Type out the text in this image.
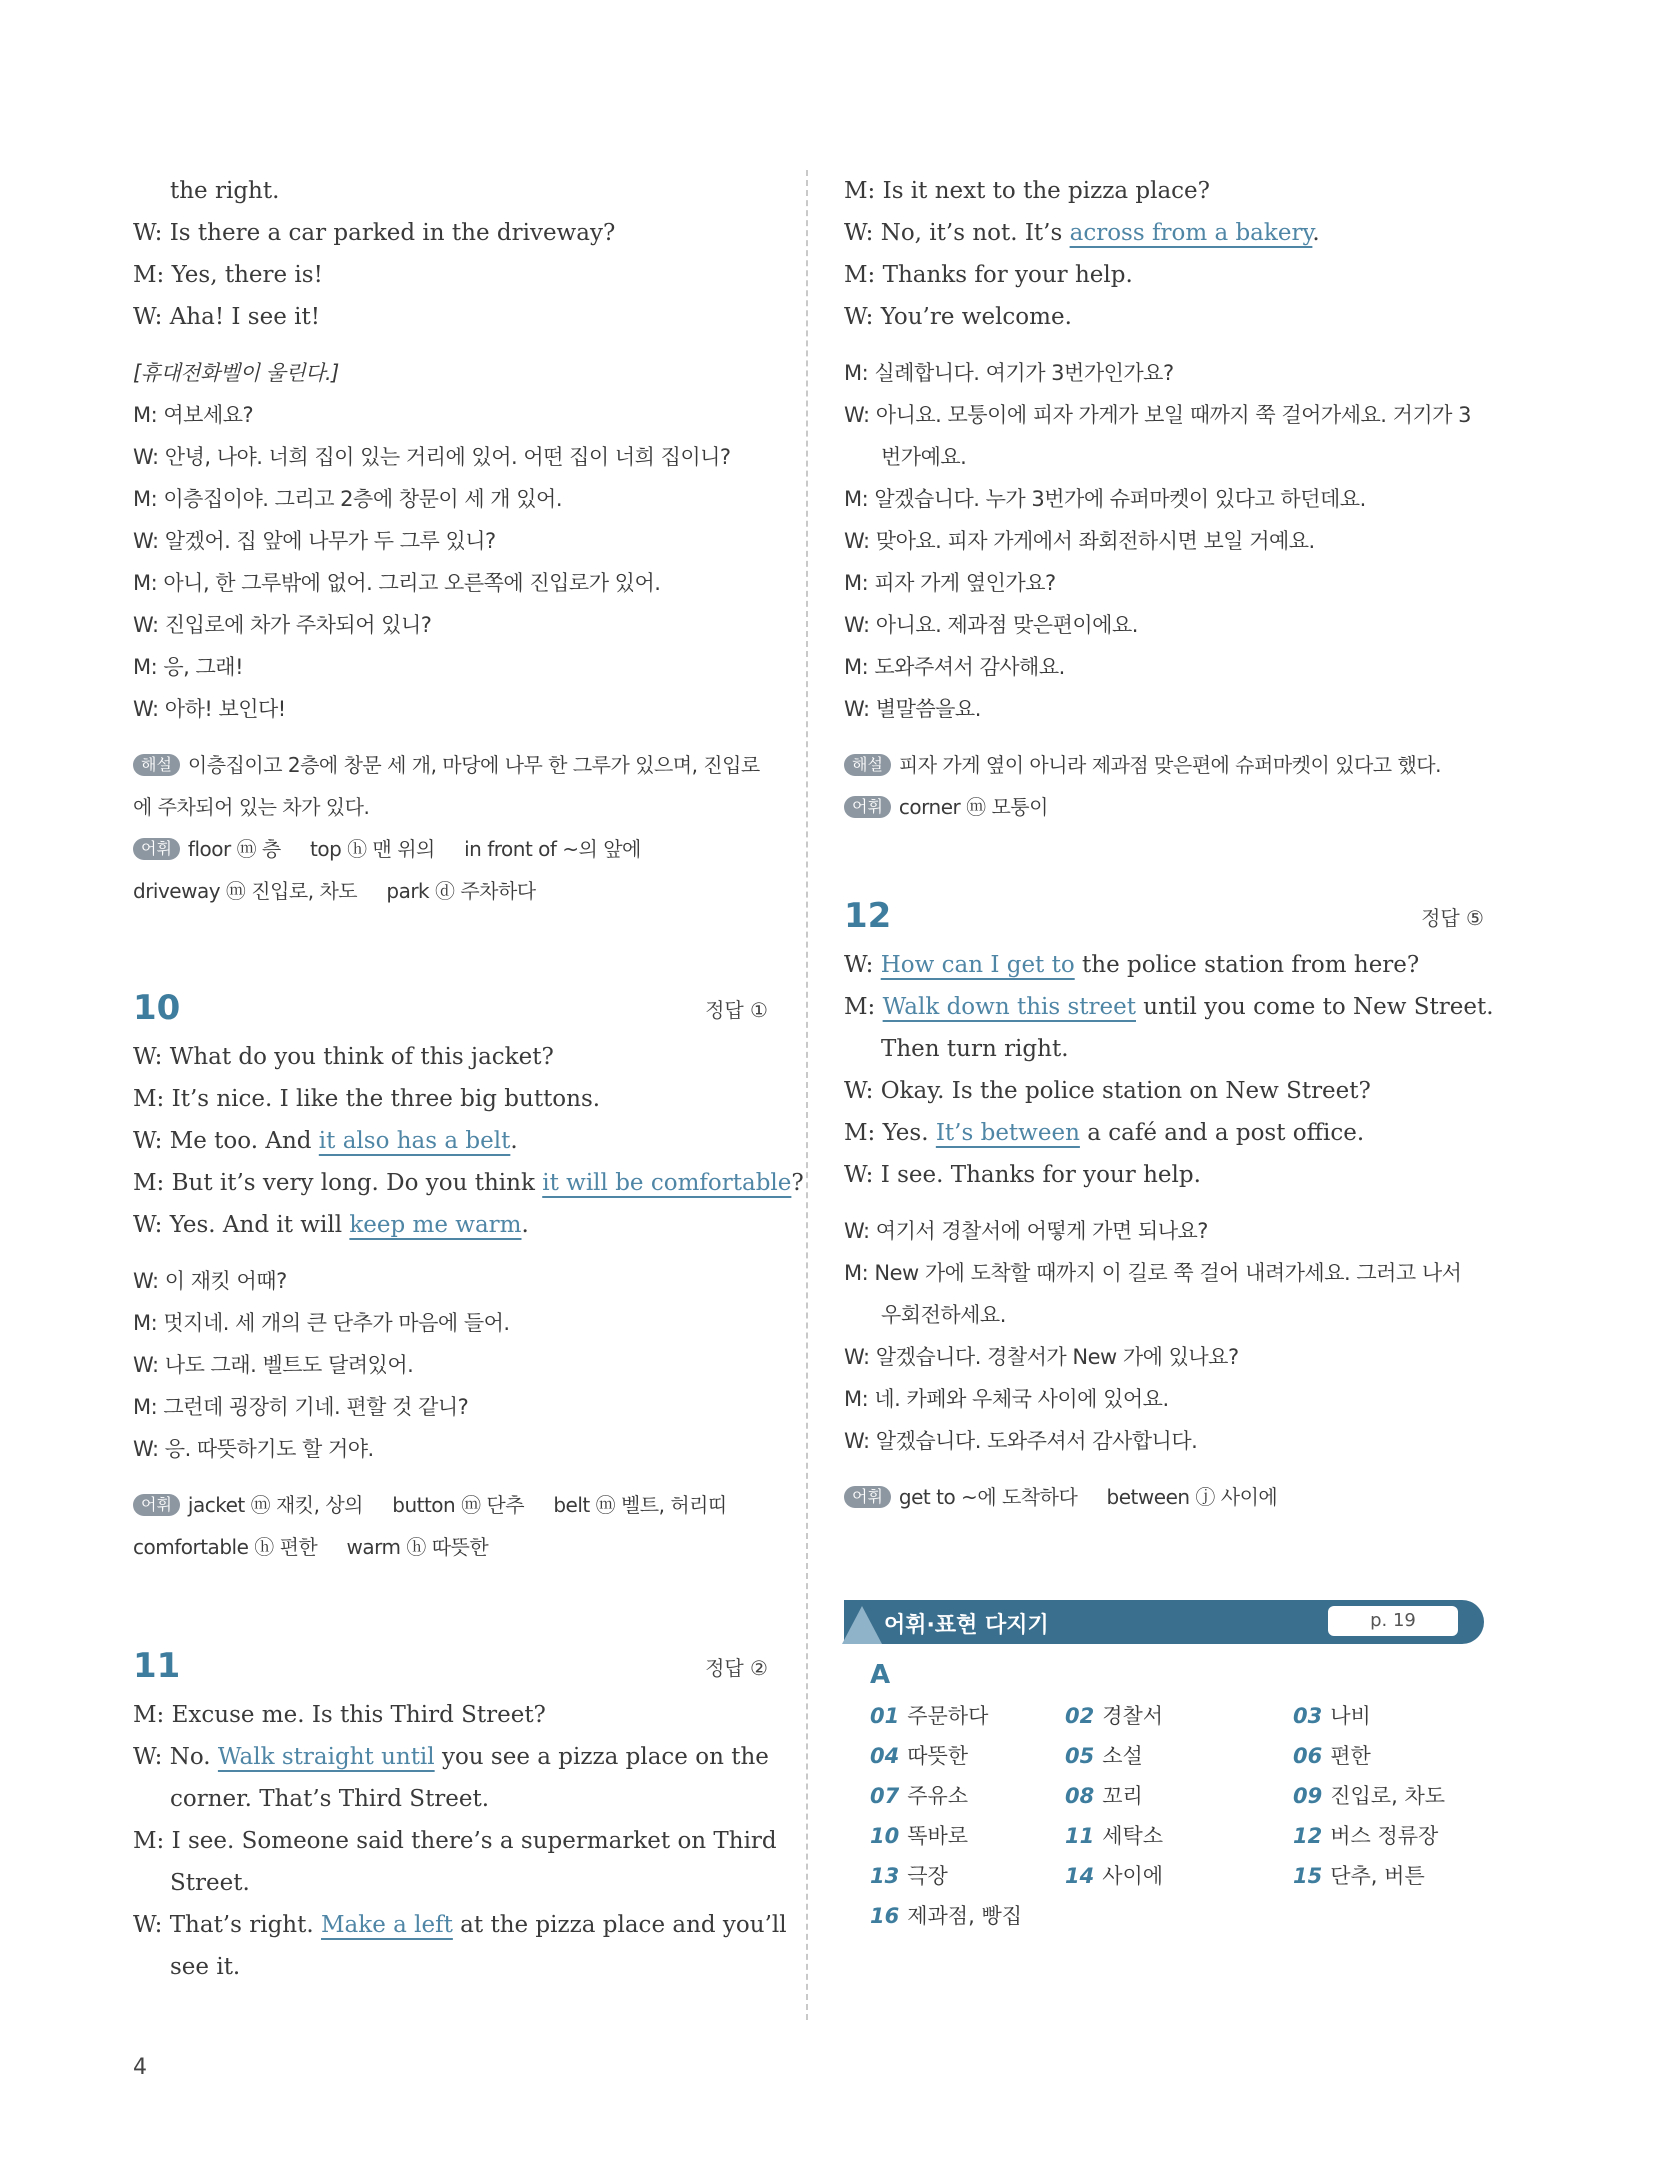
the right.
W: Is there a car parked in the driveway?
M: Yes, there is!
W: Aha! I see it!
[휴대전화벨이 울린다.]
M: 여보세요?
W: 안녕, 나야. 너희 집이 있는 거리에 있어. 어떤 집이 너희 집이니?
M: 이층집이야. 그리고 2층에 창문이 세 개 있어.
W: 알겠어. 집 앞에 나무가 두 그루 있니?
M: 아니, 한 그루밖에 없어. 그리고 오른쪽에 진입로가 있어.
W: 진입로에 차가 주차되어 있니?
M: 응, 그래!
W: 아하! 보인다!
해설 이층집이고 2층에 창문 세 개, 마당에 나무 한 그루가 있으며, 진입로
에 주차되어 있는 차가 있다.
어휘 floor ⓜ 층     top ⓗ 맨 위의     in front of ~의 앞에
driveway ⓜ 진입로, 차도     park ⓓ 주차하다
10	정답 ①
W: What do you think of this jacket?
M: It’s nice. I like the three big buttons.
W: Me too. And it also has a belt.
M: But it’s very long. Do you think it will be comfortable?
W: Yes. And it will keep me warm.
W: 이 재킷 어때?
M: 멋지네. 세 개의 큰 단추가 마음에 들어.
W: 나도 그래. 벨트도 달려있어.
M: 그런데 굉장히 기네. 편할 것 같니?
W: 응. 따뜻하기도 할 거야.
어휘 jacket ⓜ 재킷, 상의     button ⓜ 단추     belt ⓜ 벨트, 허리띠
comfortable ⓗ 편한     warm ⓗ 따뜻한
11	정답 ②
M: Excuse me. Is this Third Street?
W: No. Walk straight until you see a pizza place on the
corner. That’s Third Street.
M: I see. Someone said there’s a supermarket on Third
Street.
W: That’s right. Make a left at the pizza place and you’ll
see it.
M: Is it next to the pizza place?
W: No, it’s not. It’s across from a bakery.
M: Thanks for your help.
W: You’re welcome.
M: 실례합니다. 여기가 3번가인가요?
W: 아니요. 모퉁이에 피자 가게가 보일 때까지 쭉 걸어가세요. 거기가 3
번가예요.
M: 알겠습니다. 누가 3번가에 슈퍼마켓이 있다고 하던데요.
W: 맞아요. 피자 가게에서 좌회전하시면 보일 거예요.
M: 피자 가게 옆인가요?
W: 아니요. 제과점 맞은편이에요.
M: 도와주셔서 감사해요.
W: 별말씀을요.
해설 피자 가게 옆이 아니라 제과점 맞은편에 슈퍼마켓이 있다고 했다.
어휘 corner ⓜ 모퉁이
12	정답 ⑤
W: How can I get to the police station from here?
M: Walk down this street until you come to New Street.
Then turn right.
W: Okay. Is the police station on New Street?
M: Yes. It’s between a café and a post office.
W: I see. Thanks for your help.
W: 여기서 경찰서에 어떻게 가면 되나요?
M: New 가에 도착할 때까지 이 길로 쭉 걸어 내려가세요. 그러고 나서
우회전하세요.
W: 알겠습니다. 경찰서가 New 가에 있나요?
M: 네. 카페와 우체국 사이에 있어요.
W: 알겠습니다. 도와주셔서 감사합니다.
어휘 get to ~에 도착하다     between ⓙ 사이에
어휘·표현 다지기	p. 19
A
01 주문하다	02 경찰서	03 나비
04 따뜻한	05 소설	06 편한
07 주유소	08 꼬리	09 진입로, 차도
10 똑바로	11 세탁소	12 버스 정류장
13 극장	14 사이에	15 단추, 버튼
16 제과점, 빵집
4
